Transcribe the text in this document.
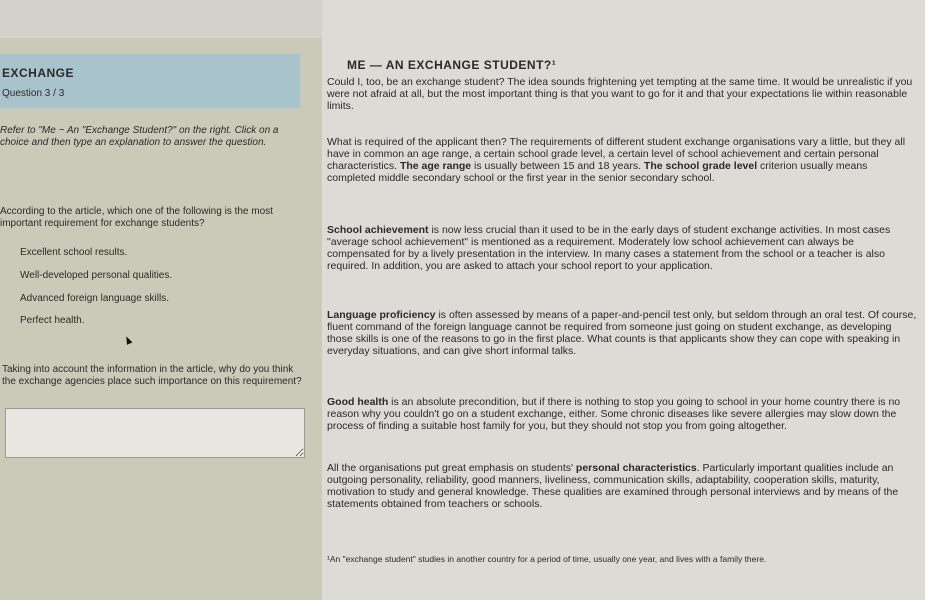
EXCHANGE
Question 3 / 3
Refer to "Me ~ An "Exchange Student?" on the right. Click on a choice and then type an explanation to answer the question.
According to the article, which one of the following is the most important requirement for exchange students?
Excellent school results.
Well-developed personal qualities.
Advanced foreign language skills.
Perfect health.
Taking into account the information in the article, why do you think the exchange agencies place such importance on this requirement?
ME — AN EXCHANGE STUDENT?¹
Could I, too, be an exchange student? The idea sounds frightening yet tempting at the same time. It would be unrealistic if you were not afraid at all, but the most important thing is that you want to go for it and that your expectations lie within reasonable limits.
What is required of the applicant then? The requirements of different student exchange organisations vary a little, but they all have in common an age range, a certain school grade level, a certain level of school achievement and certain personal characteristics. The age range is usually between 15 and 18 years. The school grade level criterion usually means completed middle secondary school or the first year in the senior secondary school.
School achievement is now less crucial than it used to be in the early days of student exchange activities. In most cases "average school achievement" is mentioned as a requirement. Moderately low school achievement can always be compensated for by a lively presentation in the interview. In many cases a statement from the school or a teacher is also required. In addition, you are asked to attach your school report to your application.
Language proficiency is often assessed by means of a paper-and-pencil test only, but seldom through an oral test. Of course, fluent command of the foreign language cannot be required from someone just going on student exchange, as developing those skills is one of the reasons to go in the first place. What counts is that applicants show they can cope with speaking in everyday situations, and can give short informal talks.
Good health is an absolute precondition, but if there is nothing to stop you going to school in your home country there is no reason why you couldn't go on a student exchange, either. Some chronic diseases like severe allergies may slow down the process of finding a suitable host family for you, but they should not stop you from going altogether.
All the organisations put great emphasis on students' personal characteristics. Particularly important qualities include an outgoing personality, reliability, good manners, liveliness, communication skills, adaptability, cooperation skills, maturity, motivation to study and general knowledge. These qualities are examined through personal interviews and by means of the statements obtained from teachers or schools.
¹An "exchange student" studies in another country for a period of time, usually one year, and lives with a family there.
